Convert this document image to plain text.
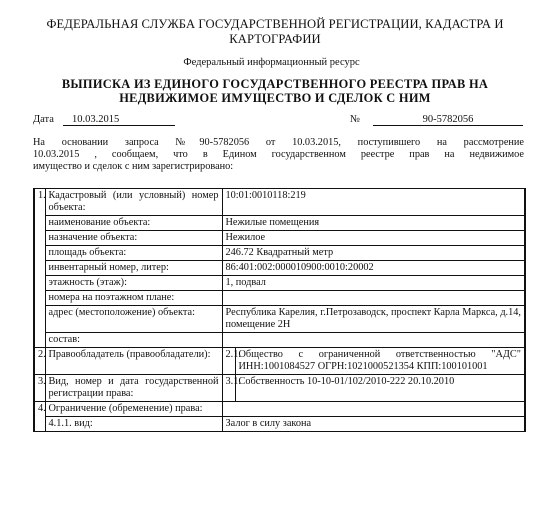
ФЕДЕРАЛЬНАЯ СЛУЖБА ГОСУДАРСТВЕННОЙ РЕГИСТРАЦИИ, КАДАСТРА И
КАРТОГРАФИИ
Федеральный информационный ресурс
ВЫПИСКА ИЗ ЕДИНОГО ГОСУДАРСТВЕННОГО РЕЕСТРА ПРАВ НА
НЕДВИЖИМОЕ ИМУЩЕСТВО И СДЕЛОК С НИМ
Дата	10.03.2015	№	90-5782056
На основании запроса №90-5782056 от 10.03.2015, поступившего на рассмотрение
10.03.2015 , сообщаем, что в Едином государственном реестре прав на недвижимое
имущество и сделок с ним зарегистрировано:
1.	Кадастровый (или условный) номер объекта:	10:01:0010118:219	
	наименование объекта:	Нежилые помещения	
	назначение объекта:	Нежилое	
	площадь объекта:	246.72 Квадратный метр	
	инвентарный номер, литер:	86:401:002:000010900:0010:20002	
	этажность (этаж):	1, подвал	
	номера на поэтажном плане:		
	адрес (местоположение) объекта:	Республика Карелия, г.Петрозаводск, проспект Карла Маркса, д.14, помещение 2Н	
	состав:		
2.	Правообладатель (правообладатели):	2.1.	Общество с ограниченной ответственностью "АДС" ИНН:1001084527 ОГРН:1021000521354 КПП:100101001
3.	Вид, номер и дата государственной регистрации права:	3.1.	Собственность 10-10-01/102/2010-222 20.10.2010
4.	Ограничение (обременение) права:		
	4.1.1. вид:	Залог в силу закона	
